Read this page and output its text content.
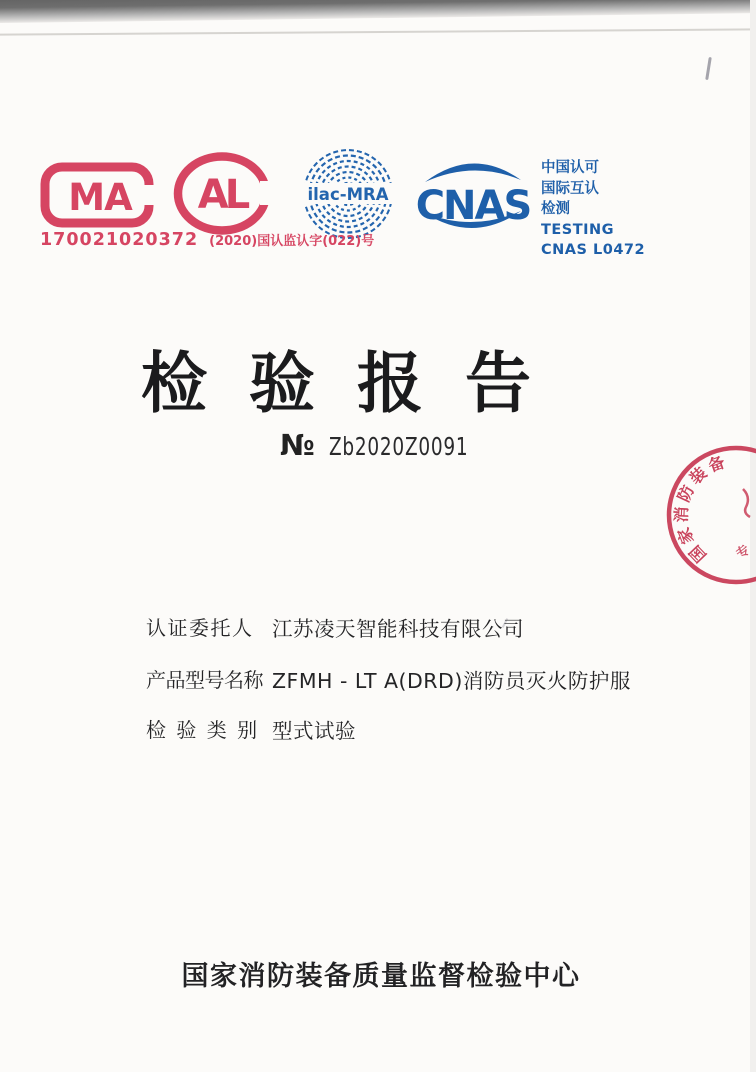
MA AL	ilac-MRA CNAS
170021020372 (2020)国认监认字(022)号
中国认可
国际互认
检测
TESTING
CNAS L0472
检验报告
№ Zb2020Z0091
国家消防装备
专
认证委托人 江苏凌天智能科技有限公司
产品型号名称 ZFMH - LT A(DRD)消防员灭火防护服
检 验 类 别 型式试验
国家消防装备质量监督检验中心
